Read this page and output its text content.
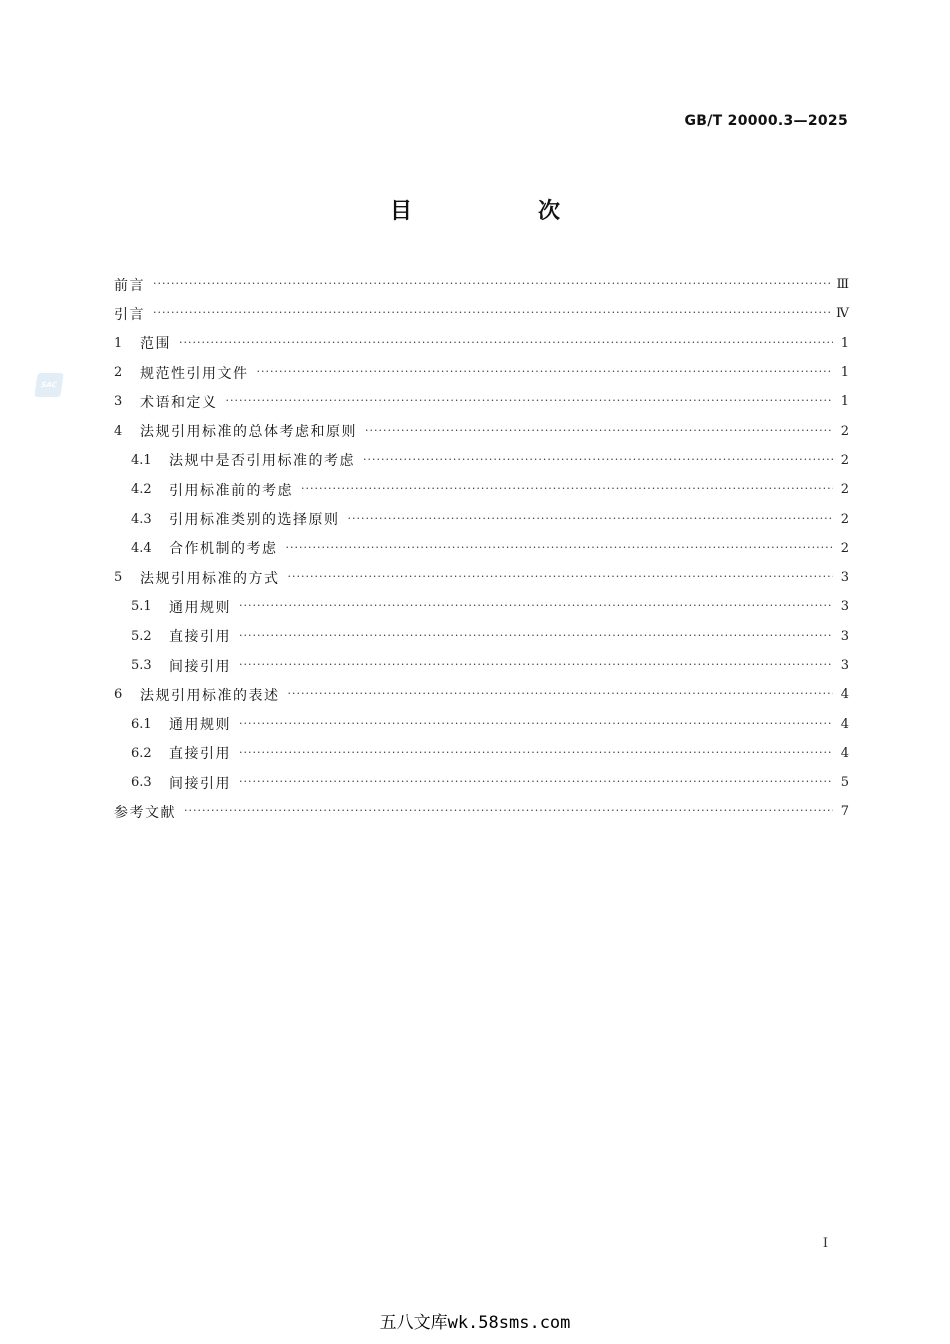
GB/T 20000.3—2025
目　次
SAC
前言 ·····	Ⅲ
引言 ·····	Ⅳ
1	范围 ·····	1
2	规范性引用文件 ·····	1
3	术语和定义 ·····	1
4	法规引用标准的总体考虑和原则 ·····	2
4.1	法规中是否引用标准的考虑 ·····	2
4.2	引用标准前的考虑 ·····	2
4.3	引用标准类别的选择原则 ·····	2
4.4	合作机制的考虑 ·····	2
5	法规引用标准的方式 ·····	3
5.1	通用规则 ·····	3
5.2	直接引用 ·····	3
5.3	间接引用 ·····	3
6	法规引用标准的表述 ·····	4
6.1	通用规则 ·····	4
6.2	直接引用 ·····	4
6.3	间接引用 ·····	5
参考文献 ·····	7
I
五八文库wk.58sms.com
